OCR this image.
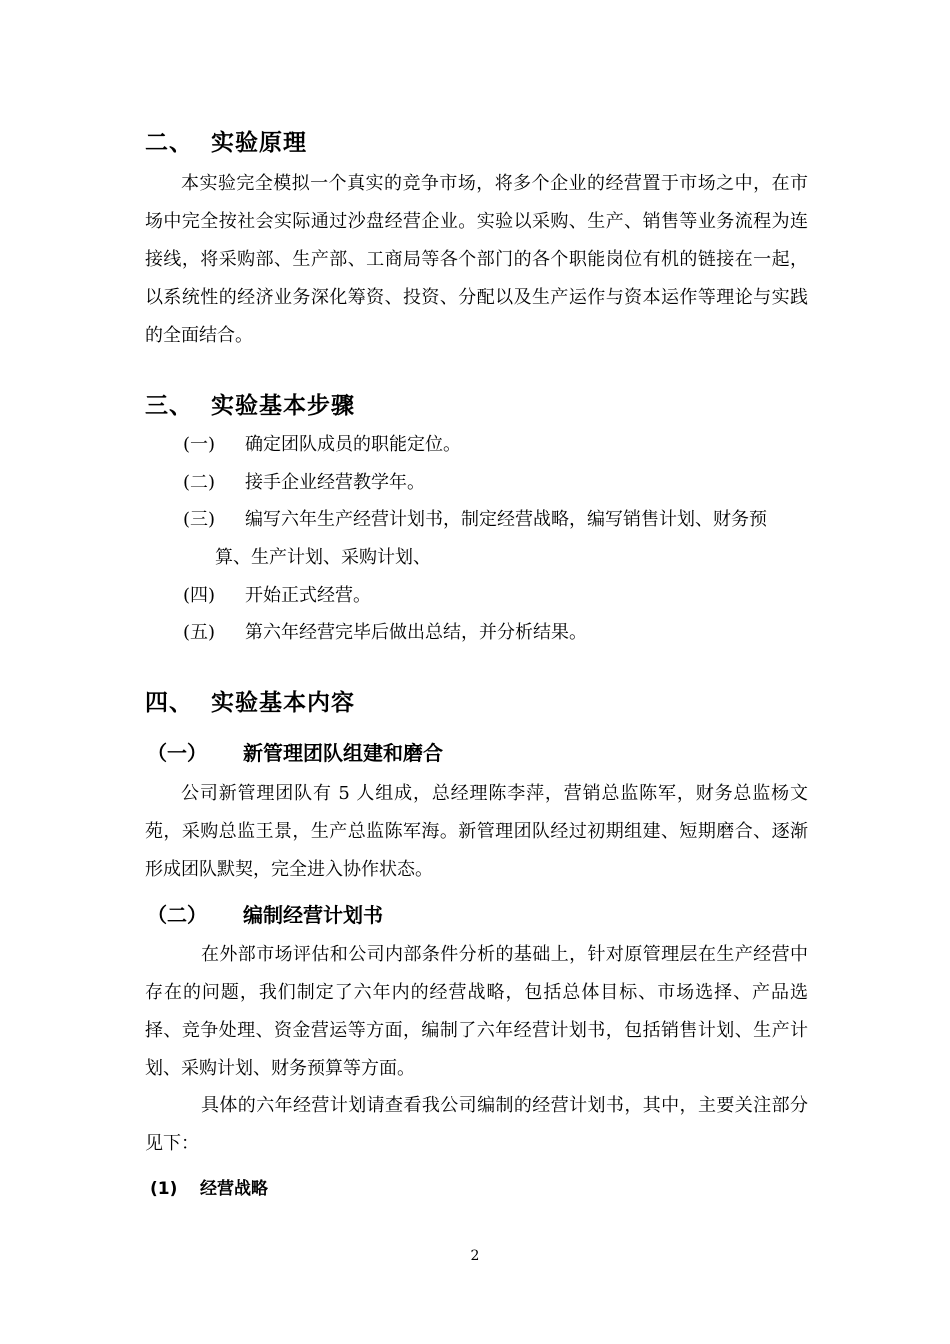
二、 实验原理
本实验完全模拟一个真实的竞争市场，将多个企业的经营置于市场之中，在市场中完全按社会实际通过沙盘经营企业。实验以采购、生产、销售等业务流程为连接线，将采购部、生产部、工商局等各个部门的各个职能岗位有机的链接在一起，以系统性的经济业务深化筹资、投资、分配以及生产运作与资本运作等理论与实践的全面结合。
三、 实验基本步骤
(一) 确定团队成员的职能定位。
(二) 接手企业经营教学年。
(三) 编写六年生产经营计划书，制定经营战略，编写销售计划、财务预
算、生产计划、采购计划、
(四) 开始正式经营。
(五) 第六年经营完毕后做出总结，并分析结果。
四、 实验基本内容
（一） 新管理团队组建和磨合
公司新管理团队有 5 人组成，总经理陈李萍，营销总监陈军，财务总监杨文苑，采购总监王景，生产总监陈军海。新管理团队经过初期组建、短期磨合、逐渐形成团队默契，完全进入协作状态。
（二） 编制经营计划书
在外部市场评估和公司内部条件分析的基础上，针对原管理层在生产经营中存在的问题，我们制定了六年内的经营战略，包括总体目标、市场选择、产品选择、竞争处理、资金营运等方面，编制了六年经营计划书，包括销售计划、生产计划、采购计划、财务预算等方面。
具体的六年经营计划请查看我公司编制的经营计划书，其中，主要关注部分见下：
(1) 经营战略
2
